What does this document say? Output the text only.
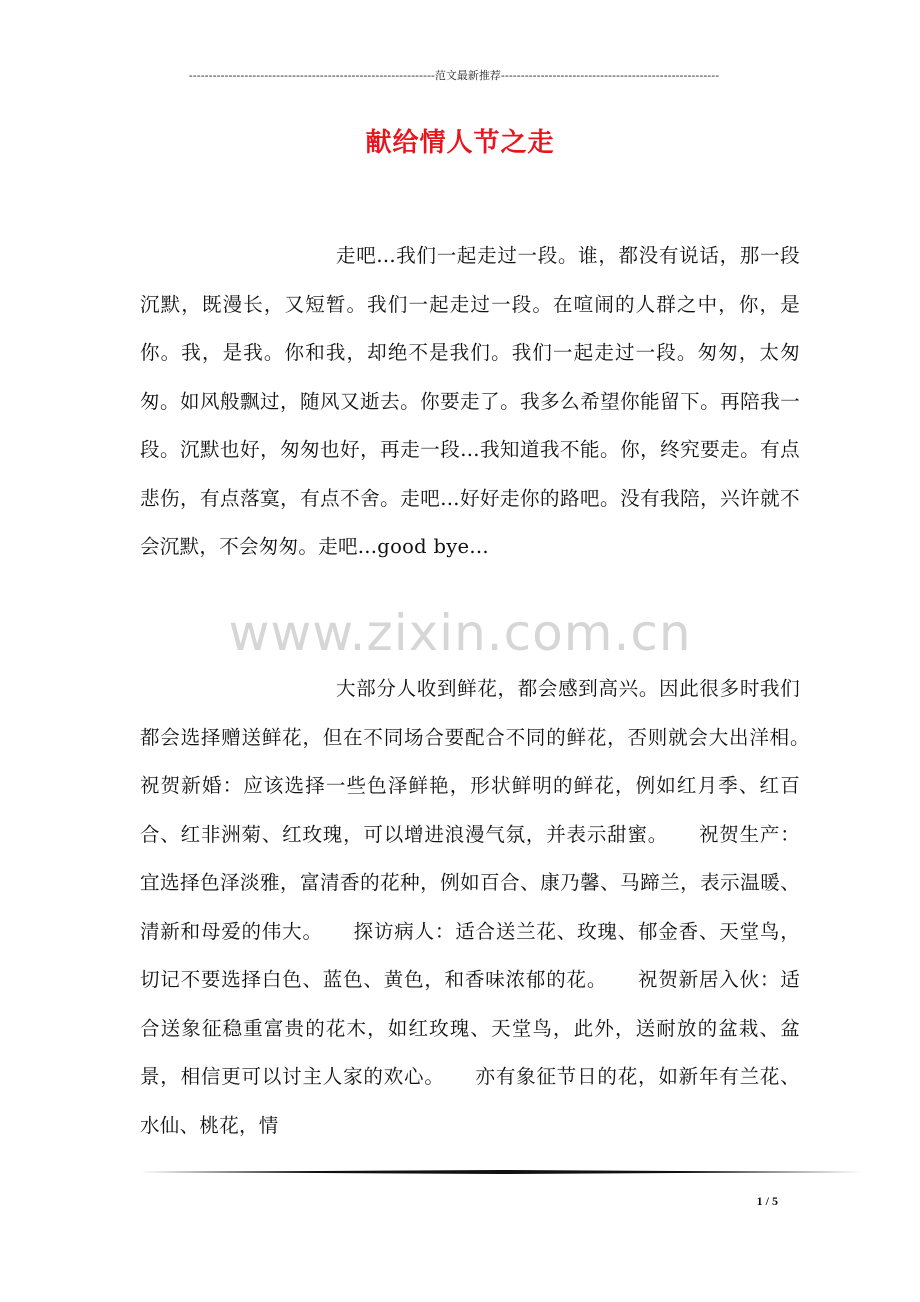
--------------------------------------------------------------范文最新推荐-------------------------------------------------------
献给情人节之走
www.zixin.com.cn

走吧...我们一起走过一段。谁，都没有说话，那一段沉默，既漫长，又短暂。我们一起走过一段。在喧闹的人群之中，你，是你。我，是我。你和我，却绝不是我们。我们一起走过一段。匆匆，太匆匆。如风般飘过，随风又逝去。你要走了。我多么希望你能留下。再陪我一段。沉默也好，匆匆也好，再走一段...我知道我不能。你，终究要走。有点悲伤，有点落寞，有点不舍。走吧...好好走你的路吧。没有我陪，兴许就不会沉默，不会匆匆。走吧...good bye...

大部分人收到鲜花，都会感到高兴。因此很多时我们都会选择赠送鲜花，但在不同场合要配合不同的鲜花，否则就会大出洋相。　　祝贺新婚：应该选择一些色泽鲜艳，形状鲜明的鲜花，例如红月季、红百合、红非洲菊、红玫瑰，可以增进浪漫气氛，并表示甜蜜。　　祝贺生产：宜选择色泽淡雅，富清香的花种，例如百合、康乃馨、马蹄兰，表示温暖、清新和母爱的伟大。　　探访病人：适合送兰花、玫瑰、郁金香、天堂鸟，切记不要选择白色、蓝色、黄色，和香味浓郁的花。　　祝贺新居入伙：适合送象征稳重富贵的花木，如红玫瑰、天堂鸟，此外，送耐放的盆栽、盆景，相信更可以讨主人家的欢心。　　亦有象征节日的花，如新年有兰花、水仙、桃花，情

1 / 5
